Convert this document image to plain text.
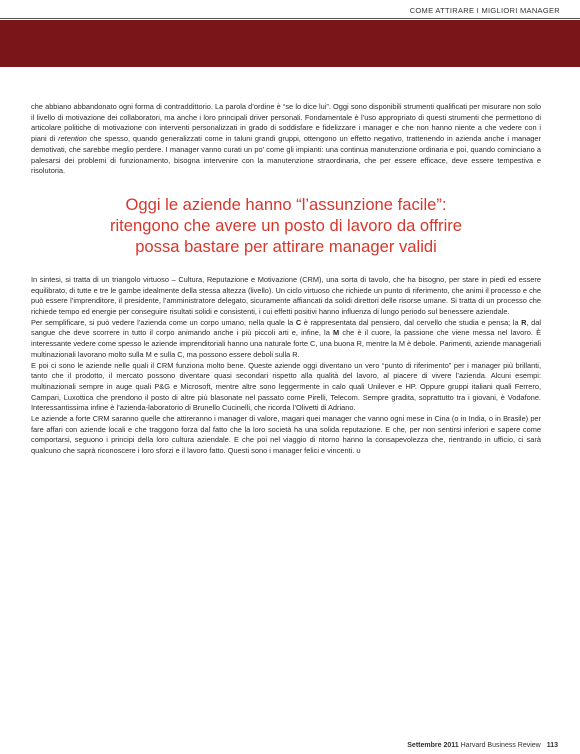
COME ATTIRARE I MIGLIORI MANAGER

che abbiano abbandonato ogni forma di contraddittorio. La parola d’ordine è “se lo dice lui”. Oggi sono disponibili strumenti qualificati per misurare non solo il livello di motivazione dei collaboratori, ma anche i loro principali driver personali. Fondamentale è l’uso appropriato di questi strumenti che permettono di articolare politiche di motivazione con interventi personalizzati in grado di soddisfare e fidelizzare i manager e che non hanno niente a che vedere con i piani di retention che spesso, quando generalizzati come in taluni grandi gruppi, ottengono un effetto negativo, trattenendo in azienda anche i manager demotivati, che sarebbe meglio perdere. I manager vanno curati un po’ come gli impianti: una continua manutenzione ordinaria e poi, quando cominciano a palesarsi dei problemi di funzionamento, bisogna intervenire con la manutenzione straordinaria, che per essere efficace, deve essere tempestiva e risolutoria.

Oggi le aziende hanno “l’assunzione facile”:
ritengono che avere un posto di lavoro da offrire
possa bastare per attirare manager validi

In sintesi, si tratta di un triangolo virtuoso – Cultura, Reputazione e Motivazione (CRM), una sorta di tavolo, che ha bisogno, per stare in piedi ed essere equilibrato, di tutte e tre le gambe idealmente della stessa altezza (livello). Un ciclo virtuoso che richiede un punto di riferimento, che animi il processo e che può essere l’imprenditore, il presidente, l’amministratore delegato, sicuramente affiancati da solidi direttori delle risorse umane. Si tratta di un processo che richiede tempo ed energie per conseguire risultati solidi e consistenti, i cui effetti positivi hanno influenza di lungo periodo sul benessere aziendale.

Per semplificare, si può vedere l’azienda come un corpo umano, nella quale la C è rappresentata dal pensiero, dal cervello che studia e pensa; la R, dal sangue che deve scorrere in tutto il corpo animando anche i più piccoli arti e, infine, la M che è il cuore, la passione che viene messa nel lavoro. È interessante vedere come spesso le aziende imprenditoriali hanno una naturale forte C, una buona R, mentre la M è debole. Parimenti, aziende manageriali multinazionali lavorano molto sulla M e sulla C, ma possono essere deboli sulla R.

E poi ci sono le aziende nelle quali il CRM funziona molto bene. Queste aziende oggi diventano un vero “punto di riferimento” per i manager più brillanti, tanto che il prodotto, il mercato possono diventare quasi secondari rispetto alla qualità del lavoro, al piacere di vivere l’azienda. Alcuni esempi: multinazionali sempre in auge quali P&G e Microsoft, mentre altre sono leggermente in calo quali Unilever e HP. Oppure gruppi italiani quali Ferrero, Campari, Luxottica che prendono il posto di altre più blasonate nel passato come Pirelli, Telecom. Sempre gradita, soprattutto tra i giovani, è Vodafone. Interessantissima infine è l’azienda-laboratorio di Brunello Cucinelli, che ricorda l’Olivetti di Adriano.

Le aziende a forte CRM saranno quelle che attireranno i manager di valore, magari quei manager che vanno ogni mese in Cina (o in India, o in Brasile) per fare affari con aziende locali e che traggono forza dal fatto che la loro società ha una solida reputazione. E che, per non sentirsi inferiori e sapere come comportarsi, seguono i principi della loro cultura aziendale. E che poi nel viaggio di ritorno hanno la consapevolezza che, rientrando in ufficio, ci sarà qualcuno che saprà riconoscere i loro sforzi e il lavoro fatto. Questi sono i manager felici e vincenti. ʊ

Settembre 2011 Harvard Business Review 113
